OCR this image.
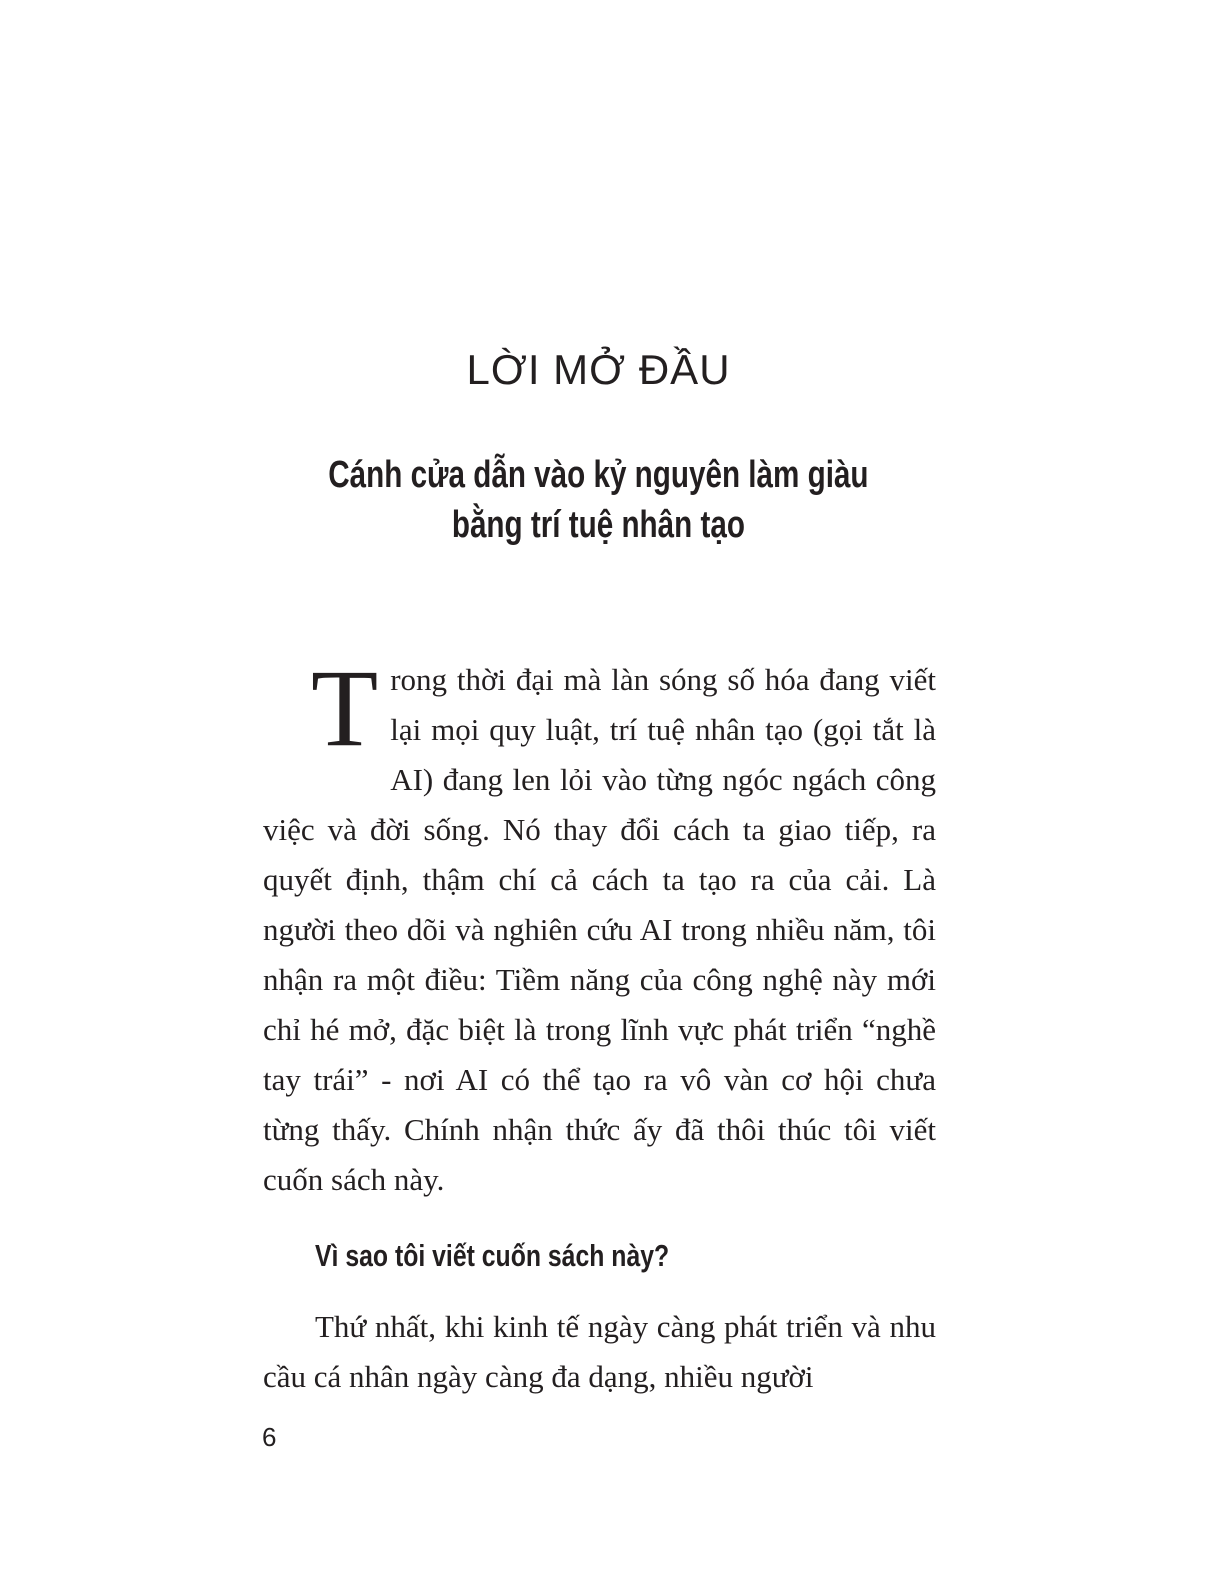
LỜI MỞ ĐẦU
Cánh cửa dẫn vào kỷ nguyên làm giàu
bằng trí tuệ nhân tạo

Trong thời đại mà làn sóng số hóa đang viết lại mọi quy luật, trí tuệ nhân tạo (gọi tắt là AI) đang len lỏi vào từng ngóc ngách công việc và đời sống. Nó thay đổi cách ta giao tiếp, ra quyết định, thậm chí cả cách ta tạo ra của cải. Là người theo dõi và nghiên cứu AI trong nhiều năm, tôi nhận ra một điều: Tiềm năng của công nghệ này mới chỉ hé mở, đặc biệt là trong lĩnh vực phát triển “nghề tay trái” - nơi AI có thể tạo ra vô vàn cơ hội chưa từng thấy. Chính nhận thức ấy đã thôi thúc tôi viết cuốn sách này.

Vì sao tôi viết cuốn sách này?

Thứ nhất, khi kinh tế ngày càng phát triển và nhu cầu cá nhân ngày càng đa dạng, nhiều người

6
